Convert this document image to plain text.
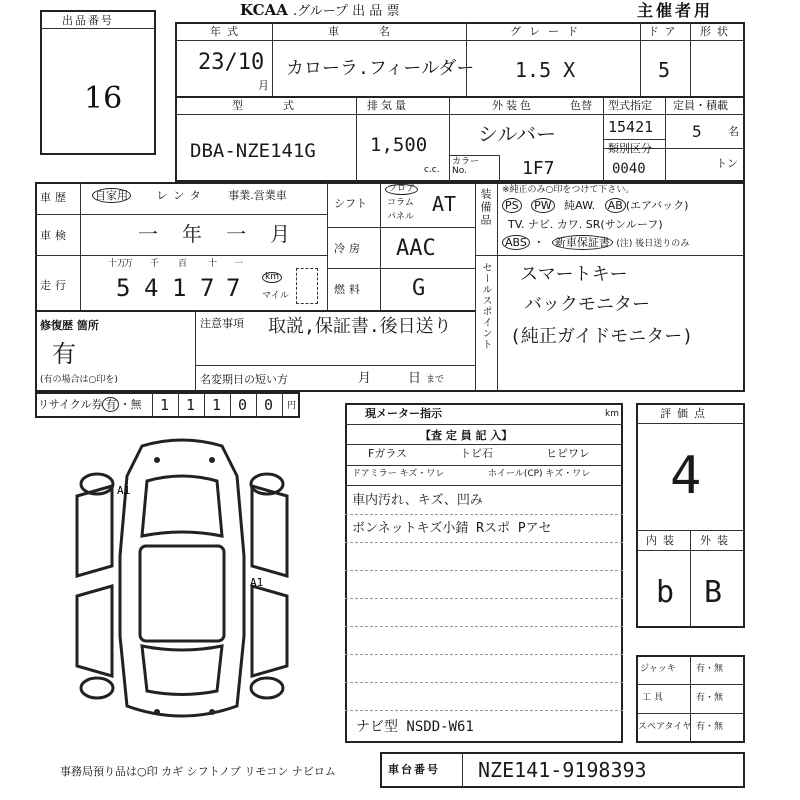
KCAA .グループ 出 品 票	主催者用
出品番号
16
年式
23/10
月
車名
カローラ.フィールダー
グレード
1.5 X
ドア
5
形状
型式
DBA-NZE141G
排気量
1,500
c.c.
外装色	色替
シルバー
カラー No.	1F7
型式指定
15421
類別区分
0040
定員・積載
5 名
トン
車歴 自家用	レンタ 事業.営業車
車検	一 年 一 月
走行
十万
万 千 百 十 一
5 4 1 7 7	km
マイル
シフト
フロア
コラム
パネル
AT
冷房 AAC
燃料 G
装備品 ※純正のみ○印をつけて下さい。
PS PW 純AW. AB (エアバック)
TV. ナビ. カワ. SR(サンルーフ)
ABS ・ 新車保証書 (注) 後日送りのみ
セールスポイント スマートキー
バックモニター
(純正ガイドモニター)
修復歴 箇所
有
(有の場合は○印を)
注意事項 取説,保証書.後日送り
名変期日の短い方	月	日 まで
リサイクル券 有 ・無 1 1 1 0 0 円
A1
A1
現メーター指示	km
【査 定 員 記 入】
Fガラス	トビ石	ヒビワレ
ドアミラー キズ・ワレ	ホイール(CP) キズ・ワレ
車内汚れ、キズ、凹み
ボンネットキズ小錆 Rスポ Pアセ
ナビ型 NSDD-W61
評価点
4
内装 外装
b B
ジャッキ 有・無
工 具	有・無
スペアタイヤ 有・無
事務局預り品は○印 カギ シフトノブ リモコン ナビロム	車台番号 NZE141-9198393
